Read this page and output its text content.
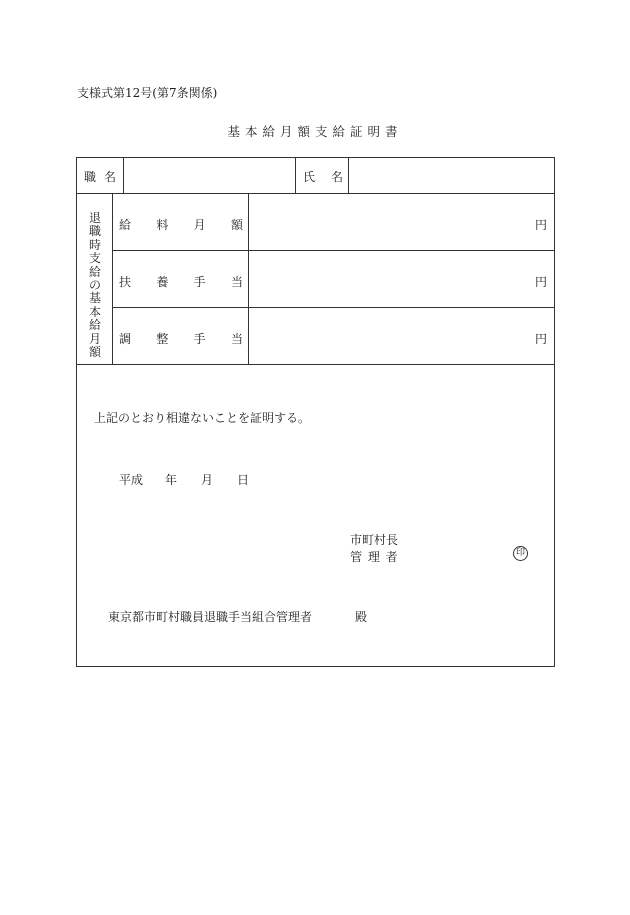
支様式第12号(第7条関係)
基本給月額支給証明書
職 名	氏 名
退職時支給の基本給月額
給 料 月 額	円
扶 養 手 当	円
調 整 手 当	円
上記のとおり相違ないことを証明する。
平成 年 月 日
市町村長
管 理 者	印
東京都市町村職員退職手当組合管理者	殿
